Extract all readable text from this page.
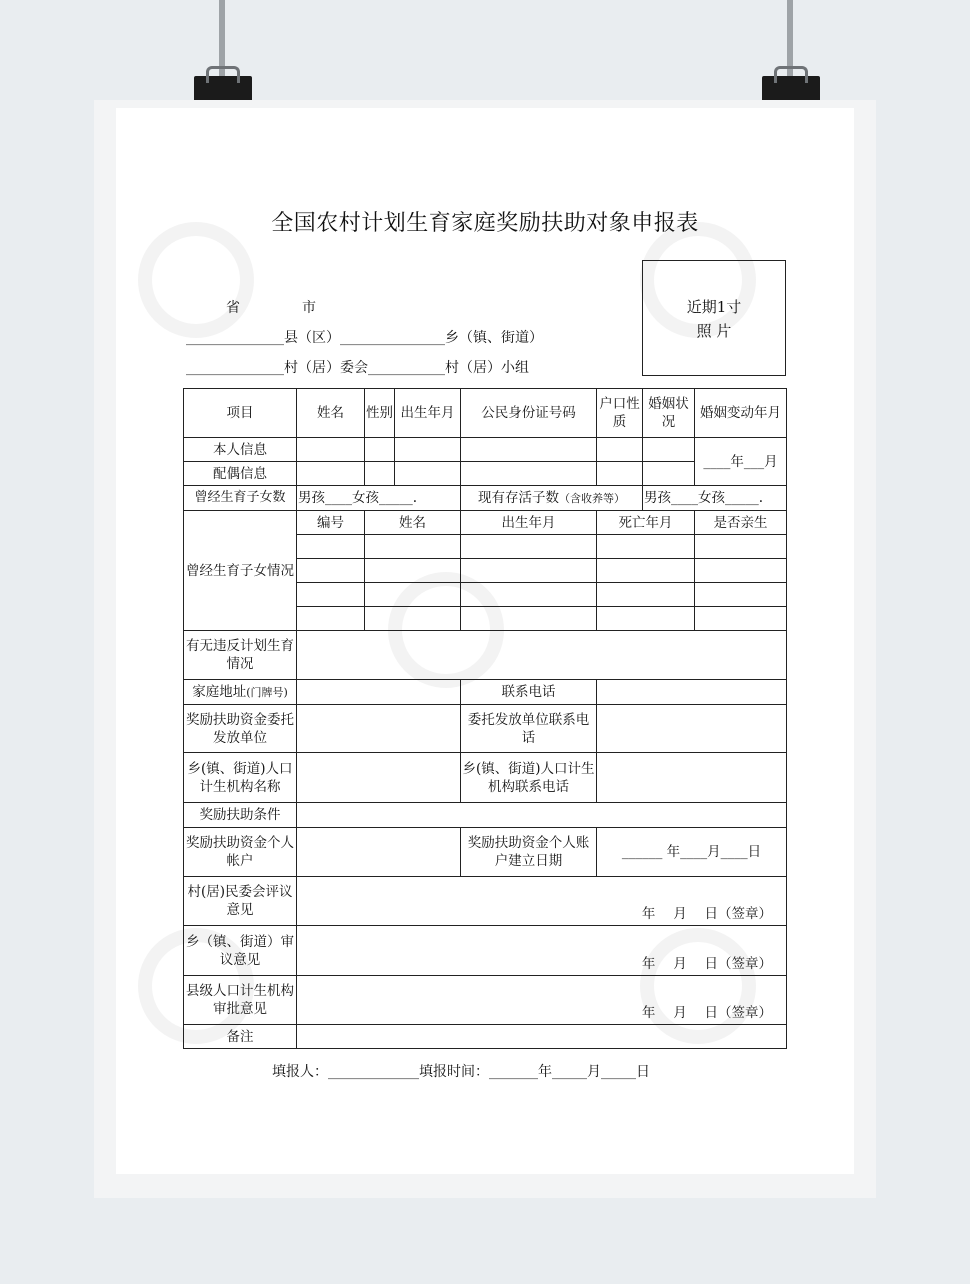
全国农村计划生育家庭奖励扶助对象申报表
省	市
______________县（区）_______________乡（镇、街道）
______________村（居）委会___________村（居）小组
近期1寸
照 片
项目	姓名	性别	出生年月	公民身份证号码	户口性质	婚姻状况	婚姻变动年月
本人信息							____年___月
配偶信息							
曾经生育子女数	男孩____女孩_____.			现有存活子数（含收养等）		男孩____女孩_____.	
曾经生育子女情况	编号	姓名		出生年月	死亡年月		是否亲生

有无违反计划生育情况							
家庭地址(门牌号)				联系电话			
奖励扶助资金委托发放单位				委托发放单位联系电话			
乡(镇、街道)人口计生机构名称				乡(镇、街道)人口计生机构联系电话			
奖励扶助条件							
奖励扶助资金个人帐户				奖励扶助资金个人账户建立日期	______ 年____月____日		
村(居)民委会评议意见	年　 月　 日（签章）						
乡（镇、街道）审议意见	年　 月　 日（签章）						
县级人口计生机构审批意见	年　 月　 日（签章）						
备注							
填报人：_____________填报时间：_______年_____月_____日
